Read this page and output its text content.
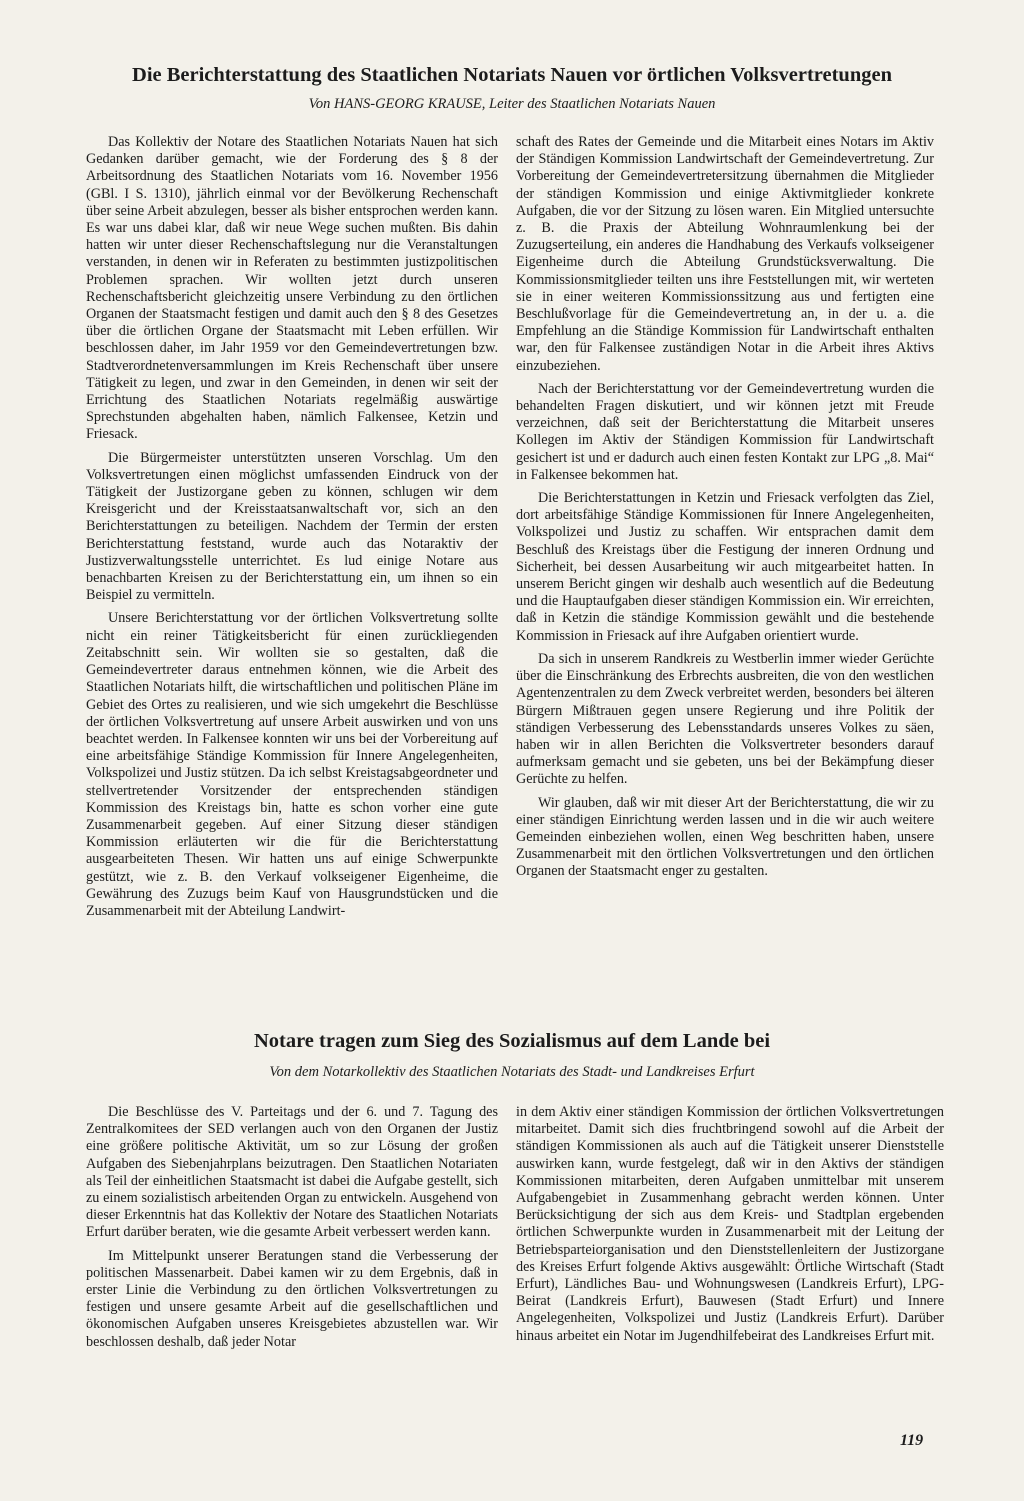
Die Berichterstattung des Staatlichen Notariats Nauen vor örtlichen Volksvertretungen
Von HANS-GEORG KRAUSE, Leiter des Staatlichen Notariats Nauen

Das Kollektiv der Notare des Staatlichen Notariats Nauen hat sich Gedanken darüber gemacht, wie der Forderung des § 8 der Arbeitsordnung des Staatlichen Notariats vom 16. November 1956 (GBl. I S. 1310), jährlich einmal vor der Bevölkerung Rechenschaft über seine Arbeit abzulegen, besser als bisher entsprochen werden kann. Es war uns dabei klar, daß wir neue Wege suchen mußten. Bis dahin hatten wir unter dieser Rechenschaftslegung nur die Veranstaltungen verstanden, in denen wir in Referaten zu bestimmten justizpolitischen Problemen sprachen. Wir wollten jetzt durch unseren Rechenschaftsbericht gleichzeitig unsere Verbindung zu den örtlichen Organen der Staatsmacht festigen und damit auch den § 8 des Gesetzes über die örtlichen Organe der Staatsmacht mit Leben erfüllen. Wir beschlossen daher, im Jahr 1959 vor den Gemeindevertretungen bzw. Stadtverordnetenversammlungen im Kreis Rechenschaft über unsere Tätigkeit zu legen, und zwar in den Gemeinden, in denen wir seit der Errichtung des Staatlichen Notariats regelmäßig auswärtige Sprechstunden abgehalten haben, nämlich Falkensee, Ketzin und Friesack.

Die Bürgermeister unterstützten unseren Vorschlag. Um den Volksvertretungen einen möglichst umfassenden Eindruck von der Tätigkeit der Justizorgane geben zu können, schlugen wir dem Kreisgericht und der Kreisstaatsanwaltschaft vor, sich an den Berichterstattungen zu beteiligen. Nachdem der Termin der ersten Berichterstattung feststand, wurde auch das Notaraktiv der Justizverwaltungsstelle unterrichtet. Es lud einige Notare aus benachbarten Kreisen zu der Berichterstattung ein, um ihnen so ein Beispiel zu vermitteln.

Unsere Berichterstattung vor der örtlichen Volksvertretung sollte nicht ein reiner Tätigkeitsbericht für einen zurückliegenden Zeitabschnitt sein. Wir wollten sie so gestalten, daß die Gemeindevertreter daraus entnehmen können, wie die Arbeit des Staatlichen Notariats hilft, die wirtschaftlichen und politischen Pläne im Gebiet des Ortes zu realisieren, und wie sich umgekehrt die Beschlüsse der örtlichen Volksvertretung auf unsere Arbeit auswirken und von uns beachtet werden. In Falkensee konnten wir uns bei der Vorbereitung auf eine arbeitsfähige Ständige Kommission für Innere Angelegenheiten, Volkspolizei und Justiz stützen. Da ich selbst Kreistagsabgeordneter und stellvertretender Vorsitzender der entsprechenden ständigen Kommission des Kreistags bin, hatte es schon vorher eine gute Zusammenarbeit gegeben. Auf einer Sitzung dieser ständigen Kommission erläuterten wir die für die Berichterstattung ausgearbeiteten Thesen. Wir hatten uns auf einige Schwerpunkte gestützt, wie z. B. den Verkauf volkseigener Eigenheime, die Gewährung des Zuzugs beim Kauf von Hausgrundstücken und die Zusammenarbeit mit der Abteilung Landwirt-

schaft des Rates der Gemeinde und die Mitarbeit eines Notars im Aktiv der Ständigen Kommission Landwirtschaft der Gemeindevertretung. Zur Vorbereitung der Gemeindevertretersitzung übernahmen die Mitglieder der ständigen Kommission und einige Aktivmitglieder konkrete Aufgaben, die vor der Sitzung zu lösen waren. Ein Mitglied untersuchte z. B. die Praxis der Abteilung Wohnraumlenkung bei der Zuzugserteilung, ein anderes die Handhabung des Verkaufs volkseigener Eigenheime durch die Abteilung Grundstücksverwaltung. Die Kommissionsmitglieder teilten uns ihre Feststellungen mit, wir werteten sie in einer weiteren Kommissionssitzung aus und fertigten eine Beschlußvorlage für die Gemeindevertretung an, in der u. a. die Empfehlung an die Ständige Kommission für Landwirtschaft enthalten war, den für Falkensee zuständigen Notar in die Arbeit ihres Aktivs einzubeziehen.

Nach der Berichterstattung vor der Gemeindevertretung wurden die behandelten Fragen diskutiert, und wir können jetzt mit Freude verzeichnen, daß seit der Berichterstattung die Mitarbeit unseres Kollegen im Aktiv der Ständigen Kommission für Landwirtschaft gesichert ist und er dadurch auch einen festen Kontakt zur LPG „8. Mai“ in Falkensee bekommen hat.

Die Berichterstattungen in Ketzin und Friesack verfolgten das Ziel, dort arbeitsfähige Ständige Kommissionen für Innere Angelegenheiten, Volkspolizei und Justiz zu schaffen. Wir entsprachen damit dem Beschluß des Kreistags über die Festigung der inneren Ordnung und Sicherheit, bei dessen Ausarbeitung wir auch mitgearbeitet hatten. In unserem Bericht gingen wir deshalb auch wesentlich auf die Bedeutung und die Hauptaufgaben dieser ständigen Kommission ein. Wir erreichten, daß in Ketzin die ständige Kommission gewählt und die bestehende Kommission in Friesack auf ihre Aufgaben orientiert wurde.

Da sich in unserem Randkreis zu Westberlin immer wieder Gerüchte über die Einschränkung des Erbrechts ausbreiten, die von den westlichen Agentenzentralen zu dem Zweck verbreitet werden, besonders bei älteren Bürgern Mißtrauen gegen unsere Regierung und ihre Politik der ständigen Verbesserung des Lebensstandards unseres Volkes zu säen, haben wir in allen Berichten die Volksvertreter besonders darauf aufmerksam gemacht und sie gebeten, uns bei der Bekämpfung dieser Gerüchte zu helfen.

Wir glauben, daß wir mit dieser Art der Berichterstattung, die wir zu einer ständigen Einrichtung werden lassen und in die wir auch weitere Gemeinden einbeziehen wollen, einen Weg beschritten haben, unsere Zusammenarbeit mit den örtlichen Volksvertretungen und den örtlichen Organen der Staatsmacht enger zu gestalten.

Notare tragen zum Sieg des Sozialismus auf dem Lande bei
Von dem Notarkollektiv des Staatlichen Notariats des Stadt- und Landkreises Erfurt

Die Beschlüsse des V. Parteitags und der 6. und 7. Tagung des Zentralkomitees der SED verlangen auch von den Organen der Justiz eine größere politische Aktivität, um so zur Lösung der großen Aufgaben des Siebenjahrplans beizutragen. Den Staatlichen Notariaten als Teil der einheitlichen Staatsmacht ist dabei die Aufgabe gestellt, sich zu einem sozialistisch arbeitenden Organ zu entwickeln. Ausgehend von dieser Erkenntnis hat das Kollektiv der Notare des Staatlichen Notariats Erfurt darüber beraten, wie die gesamte Arbeit verbessert werden kann.

Im Mittelpunkt unserer Beratungen stand die Verbesserung der politischen Massenarbeit. Dabei kamen wir zu dem Ergebnis, daß in erster Linie die Verbindung zu den örtlichen Volksvertretungen zu festigen und unsere gesamte Arbeit auf die gesellschaftlichen und ökonomischen Aufgaben unseres Kreisgebietes abzustellen war. Wir beschlossen deshalb, daß jeder Notar

in dem Aktiv einer ständigen Kommission der örtlichen Volksvertretungen mitarbeitet. Damit sich dies fruchtbringend sowohl auf die Arbeit der ständigen Kommissionen als auch auf die Tätigkeit unserer Dienststelle auswirken kann, wurde festgelegt, daß wir in den Aktivs der ständigen Kommissionen mitarbeiten, deren Aufgaben unmittelbar mit unserem Aufgabengebiet in Zusammenhang gebracht werden können. Unter Berücksichtigung der sich aus dem Kreis- und Stadtplan ergebenden örtlichen Schwerpunkte wurden in Zusammenarbeit mit der Leitung der Betriebsparteiorganisation und den Dienststellenleitern der Justizorgane des Kreises Erfurt folgende Aktivs ausgewählt: Örtliche Wirtschaft (Stadt Erfurt), Ländliches Bau- und Wohnungswesen (Landkreis Erfurt), LPG-Beirat (Landkreis Erfurt), Bauwesen (Stadt Erfurt) und Innere Angelegenheiten, Volkspolizei und Justiz (Landkreis Erfurt). Darüber hinaus arbeitet ein Notar im Jugendhilfebeirat des Landkreises Erfurt mit.

119
